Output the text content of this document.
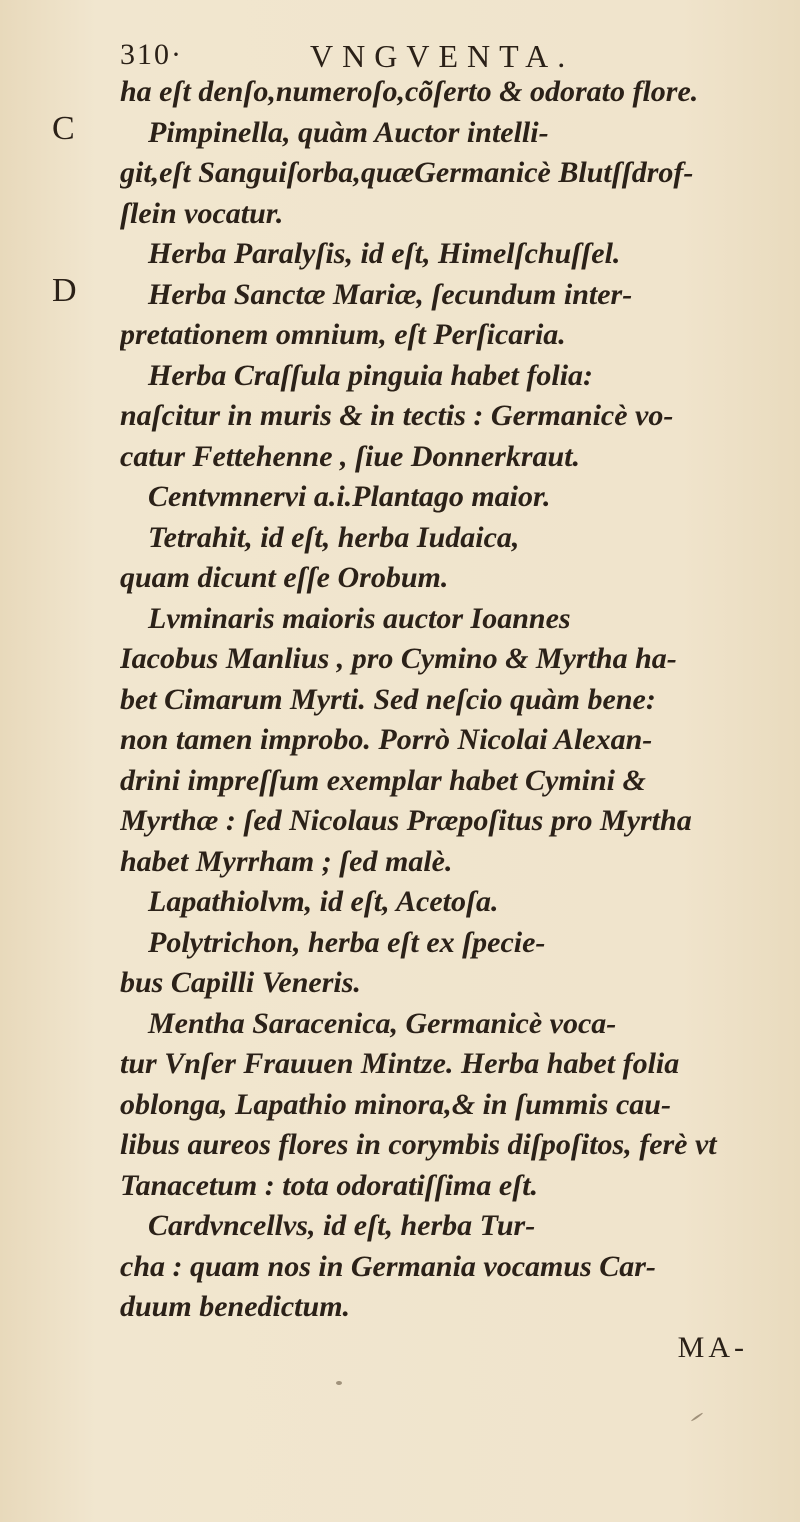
310·	VNGVENTA.
C
D
ha eſt denſo,numeroſo,cõſerto & odorato flore.
Pimpinella, quàm Auctor intelli-
git,eſt Sanguiſorba,quæGermanicè Blutſſdrof-
ſlein vocatur.
Herba Paralyſis, id eſt, Himelſchuſſel.
Herba Sanctæ Mariæ, ſecundum inter-
pretationem omnium, eſt Perſicaria.
Herba Craſſula pinguia habet folia:
naſcitur in muris & in tectis : Germanicè vo-
catur Fettehenne , ſiue Donnerkraut.
Centvmnervi a.i.Plantago maior.
Tetrahit, id eſt, herba Iudaica,
quam dicunt eſſe Orobum.
Lvminaris maioris auctor Ioannes
Iacobus Manlius , pro Cymino & Myrtha ha-
bet Cimarum Myrti. Sed neſcio quàm bene:
non tamen improbo. Porrò Nicolai Alexan-
drini impreſſum exemplar habet Cymini &
Myrthæ : ſed Nicolaus Præpoſitus pro Myrtha
habet Myrrham ; ſed malè.
Lapathiolvm, id eſt, Acetoſa.
Polytrichon, herba eſt ex ſpecie-
bus Capilli Veneris.
Mentha Saracenica, Germanicè voca-
tur Vnſer Frauuen Mintze. Herba habet folia
oblonga, Lapathio minora,& in ſummis cau-
libus aureos flores in corymbis diſpoſitos, ferè vt
Tanacetum : tota odoratiſſima eſt.
Cardvncellvs, id eſt, herba Tur-
cha : quam nos in Germania vocamus Car-
duum benedictum.
MA-
